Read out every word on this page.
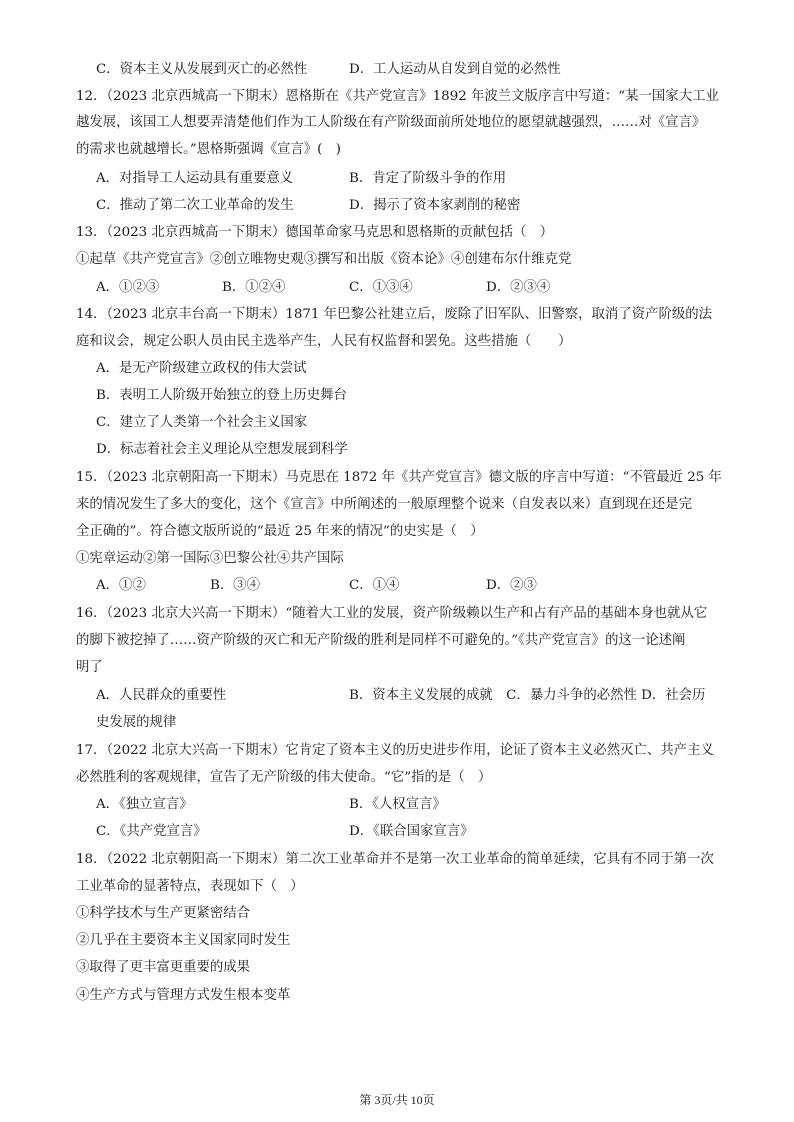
C．资本主义从发展到灭亡的必然性	D．工人运动从自发到自觉的必然性
12．（2023 北京西城高一下期末）恩格斯在《共产党宣言》1892 年波兰文版序言中写道：“某一国家大工业
越发展，该国工人想要弄清楚他们作为工人阶级在有产阶级面前所处地位的愿望就越强烈，……对《宣言》
的需求也就越增长。”恩格斯强调《宣言》(　)
A．对指导工人运动具有重要意义	B．肯定了阶级斗争的作用
C．推动了第二次工业革命的发生	D．揭示了资本家剥削的秘密
13．（2023 北京西城高一下期末）德国革命家马克思和恩格斯的贡献包括（　）
①起草《共产党宣言》②创立唯物史观③撰写和出版《资本论》④创建布尔什维克党
A．①②③	B．①②④	C．①③④	D．②③④
14．（2023 北京丰台高一下期末）1871 年巴黎公社建立后，废除了旧军队、旧警察，取消了资产阶级的法
庭和议会，规定公职人员由民主选举产生，人民有权监督和罢免。这些措施（　　）
A．是无产阶级建立政权的伟大尝试
B．表明工人阶级开始独立的登上历史舞台
C．建立了人类第一个社会主义国家
D．标志着社会主义理论从空想发展到科学
15．（2023 北京朝阳高一下期末）马克思在 1872 年《共产党宣言》德文版的序言中写道：“不管最近 25 年
来的情况发生了多大的变化，这个《宣言》中所阐述的一般原理整个说来（自发表以来）直到现在还是完
全正确的”。符合德文版所说的“最近 25 年来的情况”的史实是（　）
①宪章运动②第一国际③巴黎公社④共产国际
A．①②	B．③④	C．①④	D．②③
16．（2023 北京大兴高一下期末）“随着大工业的发展，资产阶级赖以生产和占有产品的基础本身也就从它
的脚下被挖掉了……资产阶级的灭亡和无产阶级的胜利是同样不可避免的。”《共产党宣言》的这一论述阐
明了
A．人民群众的重要性	B．资本主义发展的成就　C．暴力斗争的必然性 D．社会历
史发展的规律
17．（2022 北京大兴高一下期末）它肯定了资本主义的历史进步作用，论证了资本主义必然灭亡、共产主义
必然胜利的客观规律，宣告了无产阶级的伟大使命。“它”指的是（　）
A．《独立宣言》	B．《人权宣言》
C．《共产党宣言》	D．《联合国家宣言》
18．（2022 北京朝阳高一下期末）第二次工业革命并不是第一次工业革命的简单延续，它具有不同于第一次
工业革命的显著特点，表现如下（　）
①科学技术与生产更紧密结合
②几乎在主要资本主义国家同时发生
③取得了更丰富更重要的成果
④生产方式与管理方式发生根本变革
第 3页/共 10页
